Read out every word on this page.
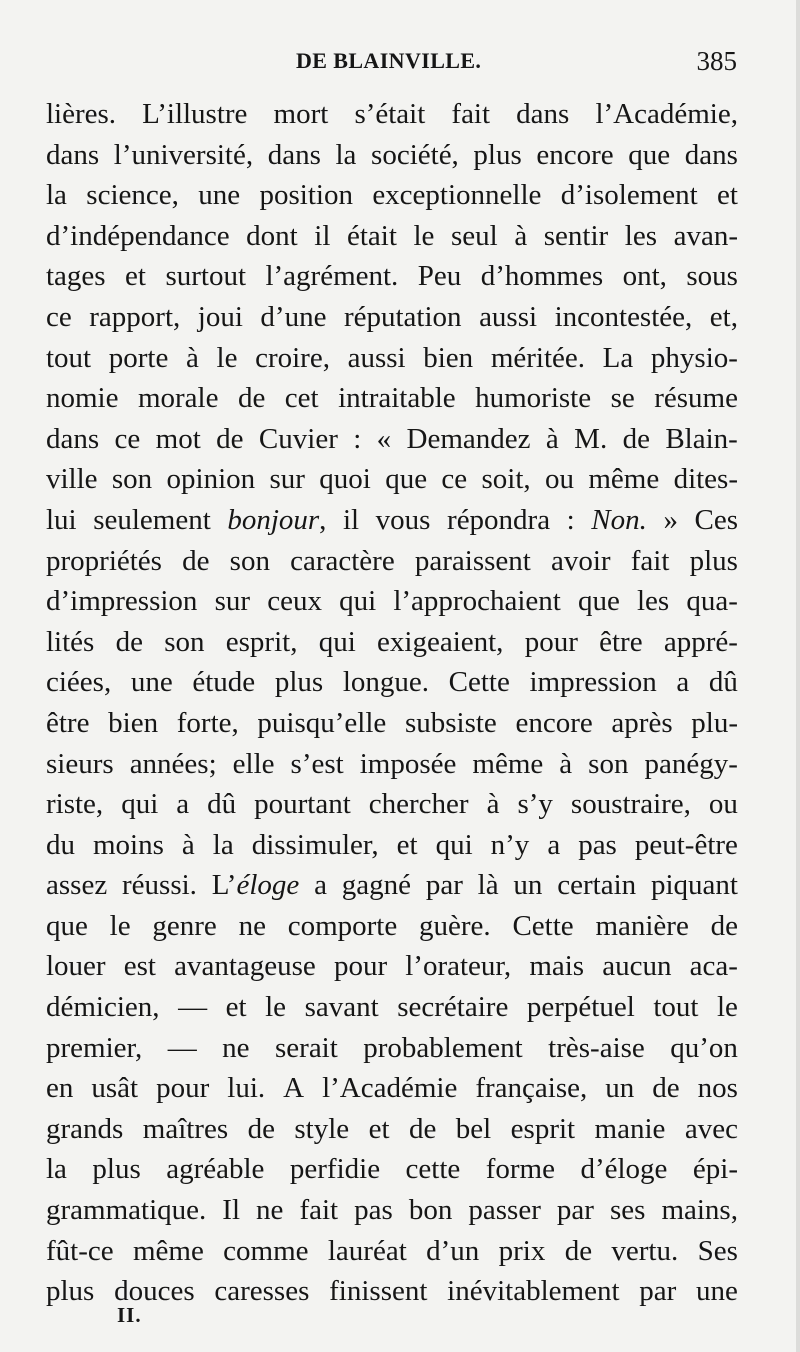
DE BLAINVILLE.	385
lières. L’illustre mort s’était fait dans l’Académie,
dans l’université, dans la société, plus encore que dans
la science, une position exceptionnelle d’isolement et
d’indépendance dont il était le seul à sentir les avan-
tages et surtout l’agrément. Peu d’hommes ont, sous
ce rapport, joui d’une réputation aussi incontestée, et,
tout porte à le croire, aussi bien méritée. La physio-
nomie morale de cet intraitable humoriste se résume
dans ce mot de Cuvier : « Demandez à M. de Blain-
ville son opinion sur quoi que ce soit, ou même dites-
lui seulement bonjour, il vous répondra : Non. » Ces
propriétés de son caractère paraissent avoir fait plus
d’impression sur ceux qui l’approchaient que les qua-
lités de son esprit, qui exigeaient, pour être appré-
ciées, une étude plus longue. Cette impression a dû
être bien forte, puisqu’elle subsiste encore après plu-
sieurs années; elle s’est imposée même à son panégy-
riste, qui a dû pourtant chercher à s’y soustraire, ou
du moins à la dissimuler, et qui n’y a pas peut-être
assez réussi. L’éloge a gagné par là un certain piquant
que le genre ne comporte guère. Cette manière de
louer est avantageuse pour l’orateur, mais aucun aca-
démicien, — et le savant secrétaire perpétuel tout le
premier, — ne serait probablement très-aise qu’on
en usât pour lui. A l’Académie française, un de nos
grands maîtres de style et de bel esprit manie avec
la plus agréable perfidie cette forme d’éloge épi-
grammatique. Il ne fait pas bon passer par ses mains,
fût-ce même comme lauréat d’un prix de vertu. Ses
plus douces caresses finissent inévitablement par une
II.
